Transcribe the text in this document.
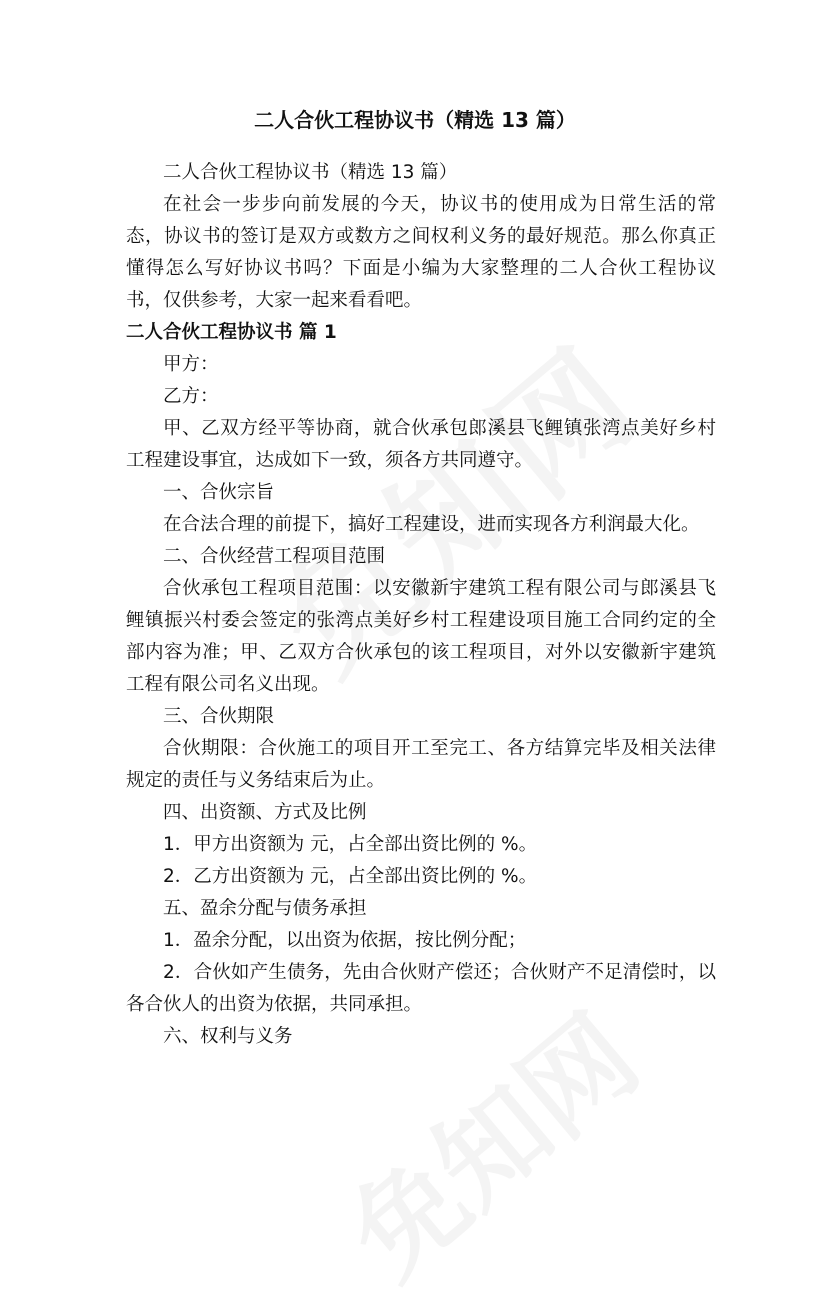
二人合伙工程协议书（精选 13 篇）

二人合伙工程协议书（精选 13 篇）

在社会一步步向前发展的今天，协议书的使用成为日常生活的常态，协议书的签订是双方或数方之间权利义务的最好规范。那么你真正懂得怎么写好协议书吗？下面是小编为大家整理的二人合伙工程协议书，仅供参考，大家一起来看看吧。

二人合伙工程协议书 篇 1

甲方：

乙方：

甲、乙双方经平等协商，就合伙承包郎溪县飞鲤镇张湾点美好乡村工程建设事宜，达成如下一致，须各方共同遵守。

一、合伙宗旨

在合法合理的前提下，搞好工程建设，进而实现各方利润最大化。

二、合伙经营工程项目范围

合伙承包工程项目范围：以安徽新宇建筑工程有限公司与郎溪县飞鲤镇振兴村委会签定的张湾点美好乡村工程建设项目施工合同约定的全部内容为准；甲、乙双方合伙承包的该工程项目，对外以安徽新宇建筑工程有限公司名义出现。

三、合伙期限

合伙期限：合伙施工的项目开工至完工、各方结算完毕及相关法律规定的责任与义务结束后为止。

四、出资额、方式及比例

1．甲方出资额为 元，占全部出资比例的 %。

2．乙方出资额为 元，占全部出资比例的 %。

五、盈余分配与债务承担

1．盈余分配，以出资为依据，按比例分配；

2．合伙如产生债务，先由合伙财产偿还；合伙财产不足清偿时，以各合伙人的出资为依据，共同承担。

六、权利与义务
